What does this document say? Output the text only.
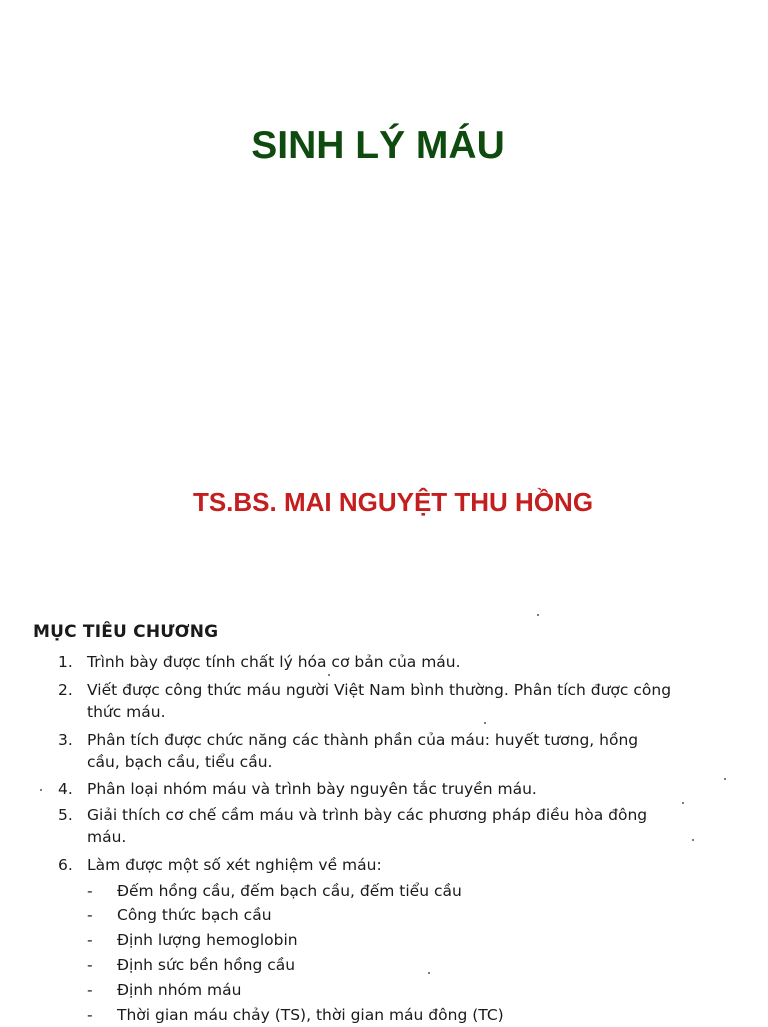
SINH LÝ MÁU
TS.BS. MAI NGUYỆT THU HỒNG
MỤC TIÊU CHƯƠNG
1. Trình bày được tính chất lý hóa cơ bản của máu.
2. Viết được công thức máu người Việt Nam bình thường. Phân tích được công
thức máu.
3. Phân tích được chức năng các thành phần của máu: huyết tương, hồng
cầu, bạch cầu, tiểu cầu.
4. Phân loại nhóm máu và trình bày nguyên tắc truyền máu.
5. Giải thích cơ chế cầm máu và trình bày các phương pháp điều hòa đông
máu.
6. Làm được một số xét nghiệm về máu:
- Đếm hồng cầu, đếm bạch cầu, đếm tiểu cầu
- Công thức bạch cầu
- Định lượng hemoglobin
- Định sức bền hồng cầu
- Định nhóm máu
- Thời gian máu chảy (TS), thời gian máu đông (TC)
